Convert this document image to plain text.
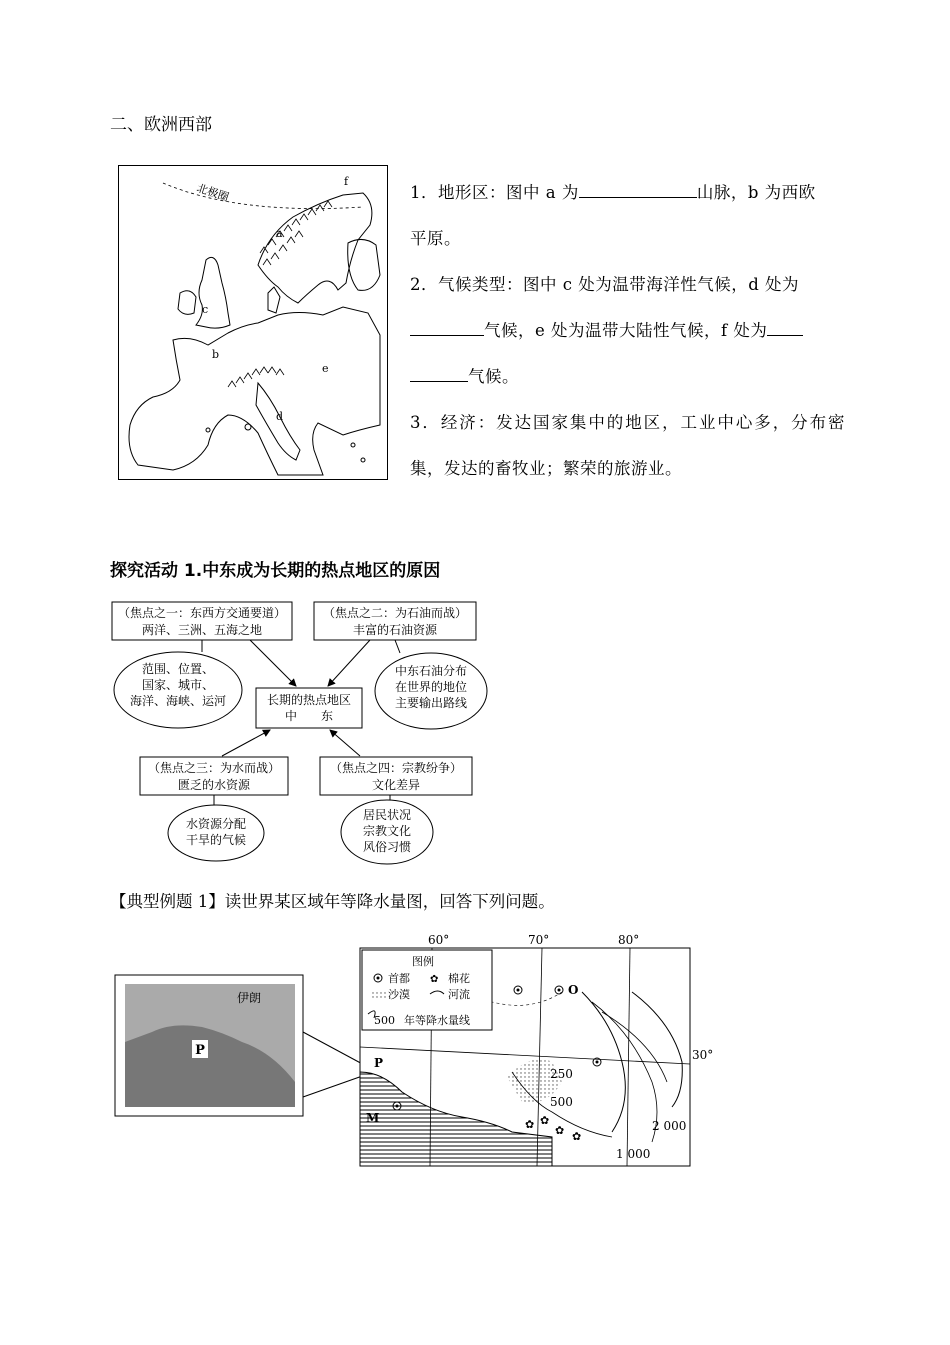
二、欧洲西部
北极圈
a
b
c
d
e
f

1．地形区：图中 a 为	山脉，b 为西欧
平原。

2．气候类型：图中 c 处为温带海洋性气候，d 处为
气候，e 处为温带大陆性气候，f 处为
气候。

3．经济：发达国家集中的地区，工业中心多，分布密集，发达的畜牧业；繁荣的旅游业。

探究活动 1.中东成为长期的热点地区的原因
（焦点之一：东西方交通要道）
两洋、三洲、五海之地
（焦点之二：为石油而战）
丰富的石油资源
范围、位置、
国家、城市、
海洋、海峡、运河
中东石油分布
在世界的地位
主要输出路线
长期的热点地区
中　　东
（焦点之三：为水而战）
匮乏的水资源
（焦点之四：宗教纷争）
文化差异
水资源分配
干旱的气候
居民状况
宗教文化
风俗习惯
【典型例题 1】读世界某区域年等降水量图，回答下列问题。
伊朗
P
图例
首都 ✿ 棉花
沙漠	河流
500 年等降水量线
60°	70°	80°
30°
✿ ✿
✿ ✿
P
M
O
250
500
2 000
1 000
